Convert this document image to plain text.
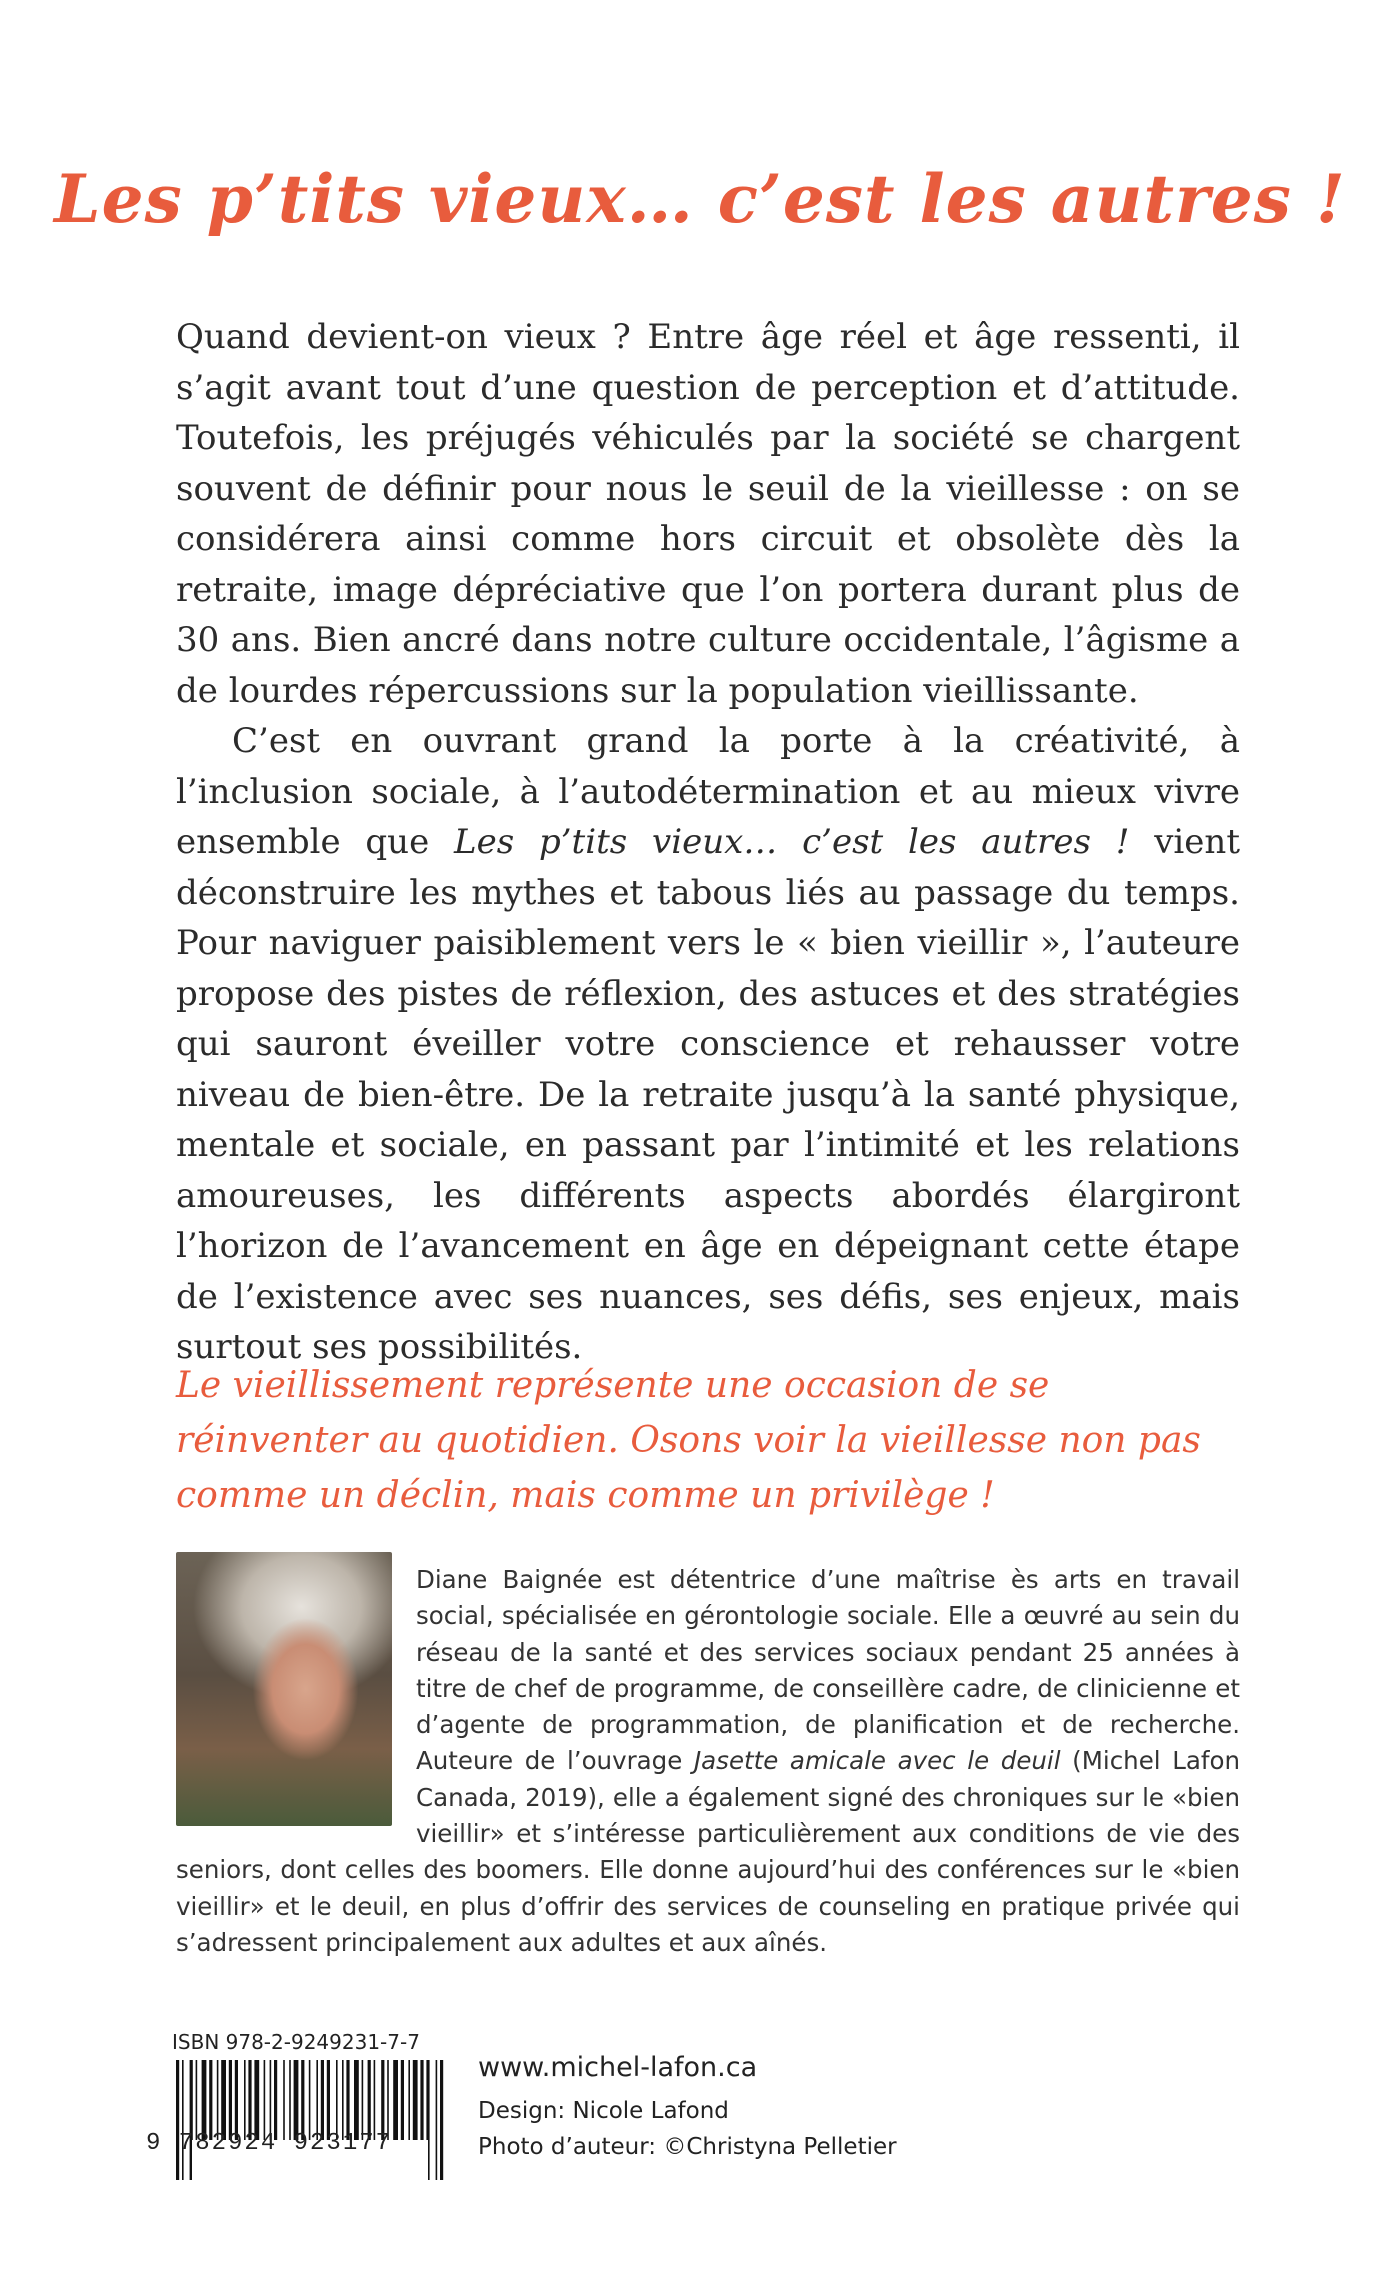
Les p’tits vieux… c’est les autres !

Quand devient-on vieux ? Entre âge réel et âge ressenti, il s’agit avant tout d’une question de perception et d’attitude. Toutefois, les préjugés véhiculés par la société se chargent souvent de définir pour nous le seuil de la vieillesse : on se considérera ainsi comme hors circuit et obsolète dès la retraite, image dépréciative que l’on portera durant plus de 30 ans. Bien ancré dans notre culture occidentale, l’âgisme a de lourdes répercussions sur la population vieillissante.

C’est en ouvrant grand la porte à la créativité, à l’inclusion sociale, à l’autodétermination et au mieux vivre ensemble que Les p’tits vieux… c’est les autres ! vient déconstruire les mythes et tabous liés au passage du temps. Pour naviguer paisiblement vers le « bien vieillir », l’auteure propose des pistes de réflexion, des astuces et des stratégies qui sauront éveiller votre conscience et rehausser votre niveau de bien-être. De la retraite jusqu’à la santé physique, mentale et sociale, en passant par l’intimité et les relations amoureuses, les différents aspects abordés élargiront l’horizon de l’avancement en âge en dépeignant cette étape de l’existence avec ses nuances, ses défis, ses enjeux, mais surtout ses possibilités.

Le vieillissement représente une occasion de se réinventer au quotidien. Osons voir la vieillesse non pas comme un déclin, mais comme un privilège !

Diane Baignée est détentrice d’une maîtrise ès arts en travail social, spécialisée en gérontologie sociale. Elle a œuvré au sein du réseau de la santé et des services sociaux pendant 25 années à titre de chef de programme, de conseillère cadre, de clinicienne et d’agente de programmation, de planification et de recherche. Auteure de l’ouvrage Jasette amicale avec le deuil (Michel Lafon Canada, 2019), elle a également signé des chroniques sur le «bien vieillir» et s’intéresse particulièrement aux conditions de vie des seniors, dont celles des boomers. Elle donne aujourd’hui des conférences sur le «bien vieillir» et le deuil, en plus d’offrir des services de counseling en pratique privée qui s’adressent principalement aux adultes et aux aînés.

ISBN 978-2-9249231-7-7

9 782924 923177

www.michel-lafon.ca

Design: Nicole Lafond

Photo d’auteur: ©Christyna Pelletier
